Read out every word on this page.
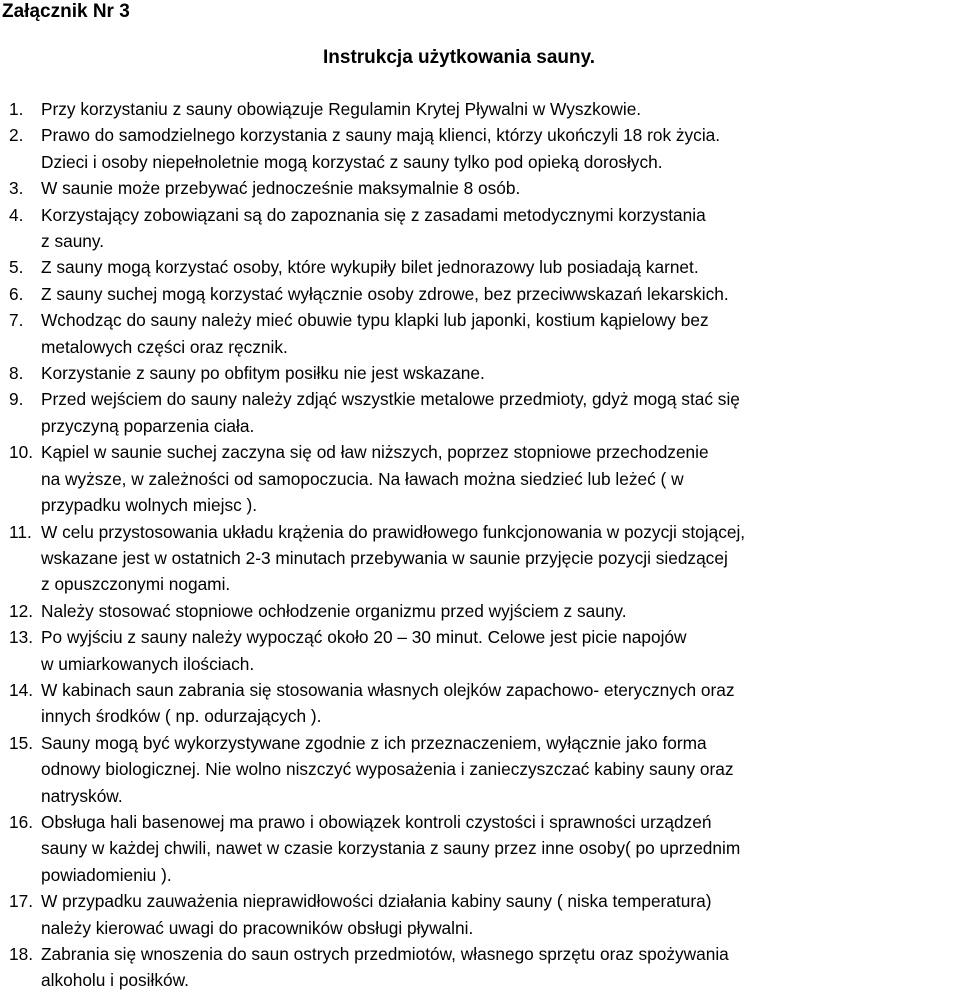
Załącznik Nr 3
Instrukcja użytkowania sauny.
1. Przy korzystaniu z sauny obowiązuje Regulamin Krytej Pływalni w Wyszkowie.
2. Prawo do samodzielnego korzystania z sauny mają klienci, którzy ukończyli 18 rok życia.
Dzieci i osoby niepełnoletnie mogą korzystać z sauny tylko pod opieką dorosłych.
3. W saunie może przebywać jednocześnie maksymalnie 8 osób.
4. Korzystający zobowiązani są do zapoznania się z zasadami metodycznymi korzystania
z sauny.
5. Z sauny mogą korzystać osoby, które wykupiły bilet jednorazowy lub posiadają karnet.
6. Z sauny suchej mogą korzystać wyłącznie osoby zdrowe, bez przeciwwskazań lekarskich.
7. Wchodząc do sauny należy mieć obuwie typu klapki lub japonki, kostium kąpielowy bez
metalowych części oraz ręcznik.
8. Korzystanie z sauny po obfitym posiłku nie jest wskazane.
9. Przed wejściem do sauny należy zdjąć wszystkie metalowe przedmioty, gdyż mogą stać się
przyczyną poparzenia ciała.
10. Kąpiel w saunie suchej zaczyna się od ław niższych, poprzez stopniowe przechodzenie
na wyższe, w zależności od samopoczucia. Na ławach można siedzieć lub leżeć ( w
przypadku wolnych miejsc ).
11. W celu przystosowania układu krążenia do prawidłowego funkcjonowania w pozycji stojącej,
wskazane jest w ostatnich 2-3 minutach przebywania w saunie przyjęcie pozycji siedzącej
z opuszczonymi nogami.
12. Należy stosować stopniowe ochłodzenie organizmu przed wyjściem z sauny.
13. Po wyjściu z sauny należy wypocząć około 20 – 30 minut. Celowe jest picie napojów
w umiarkowanych ilościach.
14. W kabinach saun zabrania się stosowania własnych olejków zapachowo- eterycznych oraz
innych środków ( np. odurzających ).
15. Sauny mogą być wykorzystywane zgodnie z ich przeznaczeniem, wyłącznie jako forma
odnowy biologicznej. Nie wolno niszczyć wyposażenia i zanieczyszczać kabiny sauny oraz
natrysków.
16. Obsługa hali basenowej ma prawo i obowiązek kontroli czystości i sprawności urządzeń
sauny w każdej chwili, nawet w czasie korzystania z sauny przez inne osoby( po uprzednim
powiadomieniu ).
17. W przypadku zauważenia nieprawidłowości działania kabiny sauny ( niska temperatura)
należy kierować uwagi do pracowników obsługi pływalni.
18. Zabrania się wnoszenia do saun ostrych przedmiotów, własnego sprzętu oraz spożywania
alkoholu i posiłków.
